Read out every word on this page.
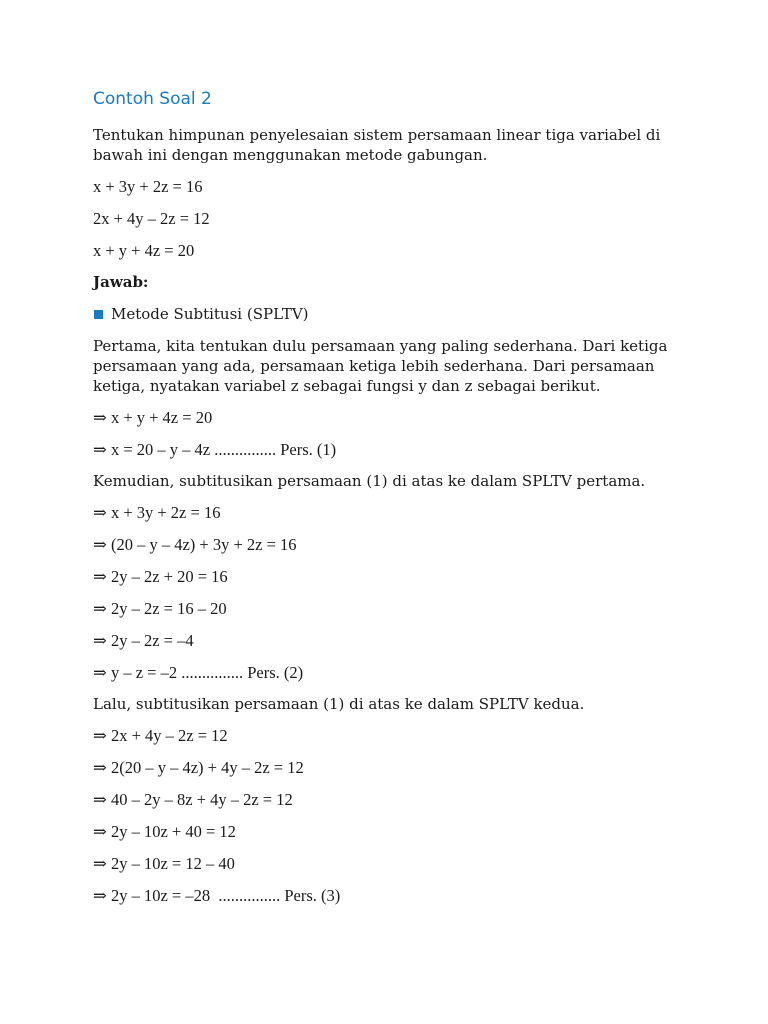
Contoh Soal 2
Tentukan himpunan penyelesaian sistem persamaan linear tiga variabel di bawah ini dengan menggunakan metode gabungan.
x + 3y + 2z = 16
2x + 4y – 2z = 12
x + y + 4z = 20
Jawab:
Metode Subtitusi (SPLTV)
Pertama, kita tentukan dulu persamaan yang paling sederhana. Dari ketiga persamaan yang ada, persamaan ketiga lebih sederhana. Dari persamaan ketiga, nyatakan variabel z sebagai fungsi y dan z sebagai berikut.
⇒ x + y + 4z = 20
⇒ x = 20 – y – 4z ............... Pers. (1)
Kemudian, subtitusikan persamaan (1) di atas ke dalam SPLTV pertama.
⇒ x + 3y + 2z = 16
⇒ (20 – y – 4z) + 3y + 2z = 16
⇒ 2y – 2z + 20 = 16
⇒ 2y – 2z = 16 – 20
⇒ 2y – 2z = –4
⇒ y – z = –2 ............... Pers. (2)
Lalu, subtitusikan persamaan (1) di atas ke dalam SPLTV kedua.
⇒ 2x + 4y – 2z = 12
⇒ 2(20 – y – 4z) + 4y – 2z = 12
⇒ 40 – 2y – 8z + 4y – 2z = 12
⇒ 2y – 10z + 40 = 12
⇒ 2y – 10z = 12 – 40
⇒ 2y – 10z = –28  ............... Pers. (3)
